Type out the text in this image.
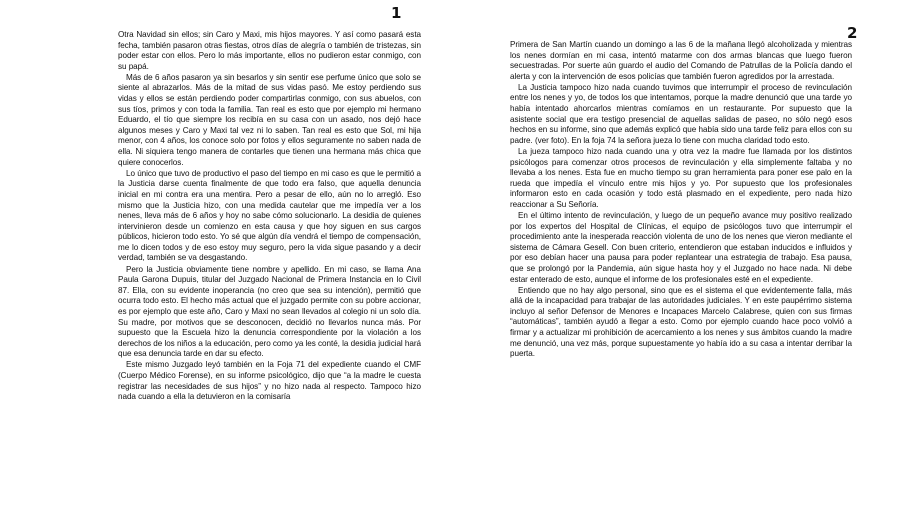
1

Otra Navidad sin ellos; sin Caro y Maxi, mis hijos mayores. Y así como pasará esta fecha, también pasaron otras fiestas, otros días de alegría o también de tristezas, sin poder estar con ellos. Pero lo más importante, ellos no pudieron estar conmigo, con su papá.

Más de 6 años pasaron ya sin besarlos y sin sentir ese perfume único que solo se siente al abrazarlos. Más de la mitad de sus vidas pasó. Me estoy perdiendo sus vidas y ellos se están perdiendo poder compartirlas conmigo, con sus abuelos, con sus tíos, primos y con toda la familia. Tan real es esto que por ejemplo mi hermano Eduardo, el tío que siempre los recibía en su casa con un asado, nos dejó hace algunos meses y Caro y Maxi tal vez ni lo saben. Tan real es esto que Sol, mi hija menor, con 4 años, los conoce solo por fotos y ellos seguramente no saben nada de ella. Ni siquiera tengo manera de contarles que tienen una hermana más chica que quiere conocerlos.

Lo único que tuvo de productivo el paso del tiempo en mi caso es que le permitió a la Justicia darse cuenta finalmente de que todo era falso, que aquella denuncia inicial en mi contra era una mentira. Pero a pesar de ello, aún no lo arregló. Eso mismo que la Justicia hizo, con una medida cautelar que me impedía ver a los nenes, lleva más de 6 años y hoy no sabe cómo solucionarlo. La desidia de quienes intervinieron desde un comienzo en esta causa y que hoy siguen en sus cargos públicos, hicieron todo esto. Yo sé que algún día vendrá el tiempo de compensación, me lo dicen todos y de eso estoy muy seguro, pero la vida sigue pasando y a decir verdad, también se va desgastando.

Pero la Justicia obviamente tiene nombre y apellido. En mi caso, se llama Ana Paula Garona Dupuis, titular del Juzgado Nacional de Primera Instancia en lo Civil 87. Ella, con su evidente inoperancia (no creo que sea su intención), permitió que ocurra todo esto. El hecho más actual que el juzgado permite con su pobre accionar, es por ejemplo que este año, Caro y Maxi no sean llevados al colegio ni un solo día. Su madre, por motivos que se desconocen, decidió no llevarlos nunca más. Por supuesto que la Escuela hizo la denuncia correspondiente por la violación a los derechos de los niños a la educación, pero como ya les conté, la desidia judicial hará que esa denuncia tarde en dar su efecto.

Este mismo Juzgado leyó también en la Foja 71 del expediente cuando el CMF (Cuerpo Médico Forense), en su informe psicológico, dijo que “a la madre le cuesta registrar las necesidades de sus hijos” y no hizo nada al respecto. Tampoco hizo nada cuando a ella la detuvieron en la comisaría

2

Primera de San Martín cuando un domingo a las 6 de la mañana llegó alcoholizada y mientras los nenes dormían en mi casa, intentó matarme con dos armas blancas que luego fueron secuestradas. Por suerte aún guardo el audio del Comando de Patrullas de la Policía dando el alerta y con la intervención de esos policías que también fueron agredidos por la arrestada.

La Justicia tampoco hizo nada cuando tuvimos que interrumpir el proceso de revinculación entre los nenes y yo, de todos los que intentamos, porque la madre denunció que una tarde yo había intentado ahorcarlos mientras comíamos en un restaurante. Por supuesto que la asistente social que era testigo presencial de aquellas salidas de paseo, no sólo negó esos hechos en su informe, sino que además explicó que había sido una tarde feliz para ellos con su padre. (ver foto). En la foja 74 la señora jueza lo tiene con mucha claridad todo esto.

La jueza tampoco hizo nada cuando una y otra vez la madre fue llamada por los distintos psicólogos para comenzar otros procesos de revinculación y ella simplemente faltaba y no llevaba a los nenes. Esta fue en mucho tiempo su gran herramienta para poner ese palo en la rueda que impedía el vínculo entre mis hijos y yo. Por supuesto que los profesionales informaron esto en cada ocasión y todo está plasmado en el expediente, pero nada hizo reaccionar a Su Señoría.

En el último intento de revinculación, y luego de un pequeño avance muy positivo realizado por los expertos del Hospital de Clínicas, el equipo de psicólogos tuvo que interrumpir el procedimiento ante la inesperada reacción violenta de uno de los nenes que vieron mediante el sistema de Cámara Gesell. Con buen criterio, entendieron que estaban inducidos e influidos y por eso debían hacer una pausa para poder replantear una estrategia de trabajo. Esa pausa, que se prolongó por la Pandemia, aún sigue hasta hoy y el Juzgado no hace nada. Ni debe estar enterado de esto, aunque el informe de los profesionales esté en el expediente.

Entiendo que no hay algo personal, sino que es el sistema el que evidentemente falla, más allá de la incapacidad para trabajar de las autoridades judiciales. Y en este paupérrimo sistema incluyo al señor Defensor de Menores e Incapaces Marcelo Calabrese, quien con sus firmas “automáticas”, también ayudó a llegar a esto. Como por ejemplo cuando hace poco volvió a firmar y a actualizar mi prohibición de acercamiento a los nenes y sus ámbitos cuando la madre me denunció, una vez más, porque supuestamente yo había ido a su casa a intentar derribar la puerta.
